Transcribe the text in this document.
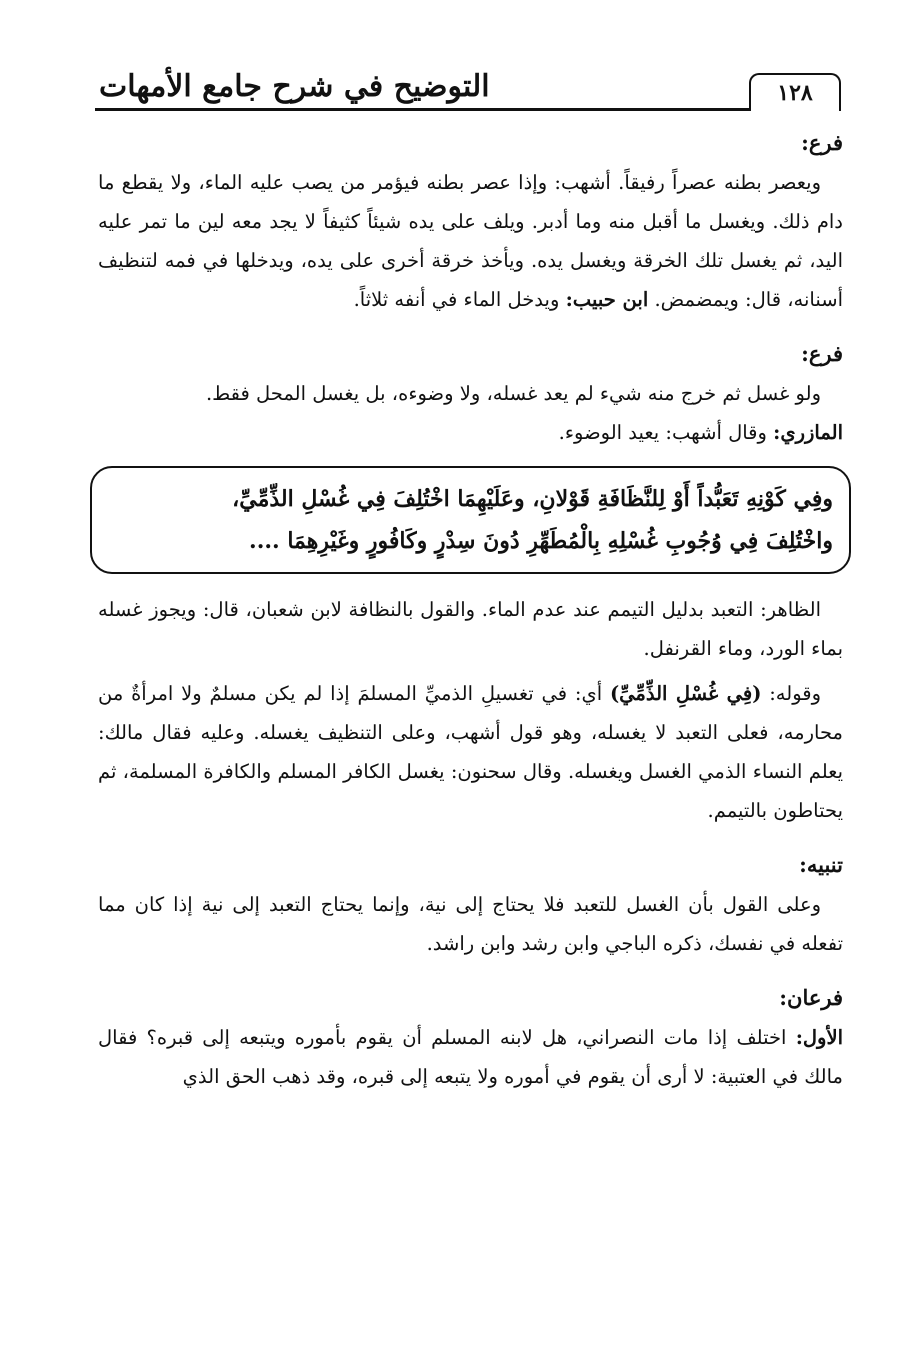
١٢٨
التوضيح في شرح جامع الأمهات
فرع:

ويعصر بطنه عصراً رفيقاً. أشهب: وإذا عصر بطنه فيؤمر من يصب عليه الماء، ولا يقطع ما دام ذلك. ويغسل ما أقبل منه وما أدبر. ويلف على يده شيئاً كثيفاً لا يجد معه لين ما تمر عليه اليد، ثم يغسل تلك الخرقة ويغسل يده. ويأخذ خرقة أخرى على يده، ويدخلها في فمه لتنظيف أسنانه، قال: ويمضمض. ابن حبيب: ويدخل الماء في أنفه ثلاثاً.

فرع:

ولو غسل ثم خرج منه شيء لم يعد غسله، ولا وضوءه، بل يغسل المحل فقط.

المازري: وقال أشهب: يعيد الوضوء.

وفِي كَوْنِهِ تَعَبُّداً أَوْ لِلنَّظَافَةِ قَوْلانِ، وعَلَيْهِمَا اخْتُلِفَ فِي غُسْلِ الذِّمِّيِّ،
واخْتُلِفَ فِي وُجُوبِ غُسْلِهِ بِالْمُطَهِّرِ دُونَ سِدْرٍ وكَافُورٍ وغَيْرِهِمَا ....

الظاهر: التعبد بدليل التيمم عند عدم الماء. والقول بالنظافة لابن شعبان، قال: ويجوز غسله بماء الورد، وماء القرنفل.

وقوله: (فِي غُسْلِ الذِّمِّيِّ) أي: في تغسيلِ الذميِّ المسلمَ إذا لم يكن مسلمٌ ولا امرأةٌ من محارمه، فعلى التعبد لا يغسله، وهو قول أشهب، وعلى التنظيف يغسله. وعليه فقال مالك: يعلم النساء الذمي الغسل ويغسله. وقال سحنون: يغسل الكافر المسلم والكافرة المسلمة، ثم يحتاطون بالتيمم.

تنبيه:

وعلى القول بأن الغسل للتعبد فلا يحتاج إلى نية، وإنما يحتاج التعبد إلى نية إذا كان مما تفعله في نفسك، ذكره الباجي وابن رشد وابن راشد.

فرعان:

الأول: اختلف إذا مات النصراني، هل لابنه المسلم أن يقوم بأموره ويتبعه إلى قبره؟ فقال مالك في العتبية: لا أرى أن يقوم في أموره ولا يتبعه إلى قبره، وقد ذهب الحق الذي
